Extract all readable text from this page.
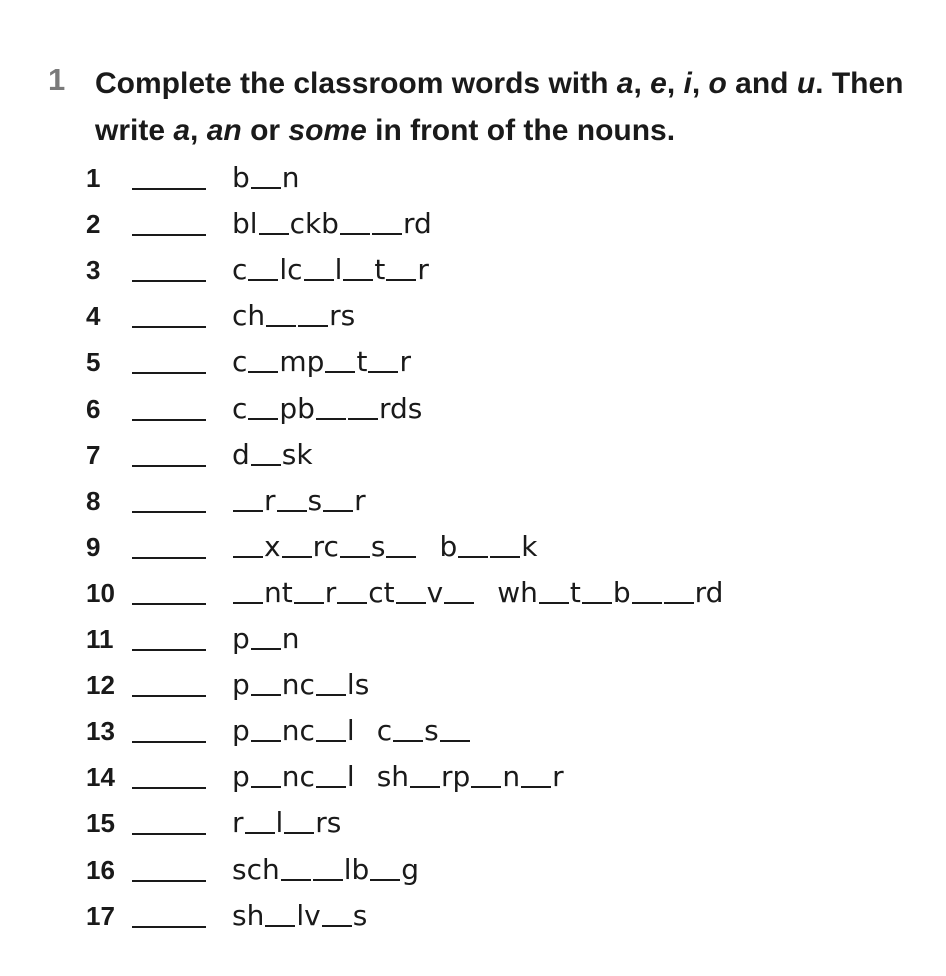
1 Complete the classroom words with a, e, i, o and u. Then write a, an or some in front of the nouns.
1	b n
2	bl ckb rd
3	c lc l t r
4	ch rs
5	c mp t r
6	c pb rds
7	d sk
8	r s r
9	x rc s b k
10	nt r ct v wh t b rd
11	p n
12	p nc ls
13	p nc l c s
14	p nc l sh rp n r
15	r l rs
16	sch lb g
17	sh lv s
